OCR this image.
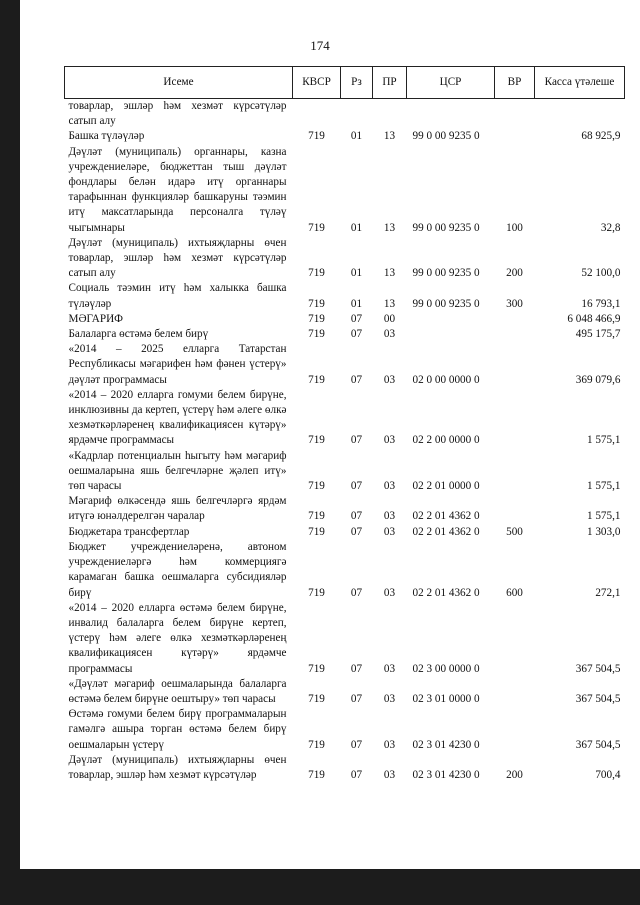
174
Исеме	КВСР	Рз	ПР	ЦСР	ВР	Касса үтәлеше
товарлар, эшләр һәм хезмәт күрсәтүләр сатып алу						
Башка түләүләр	719	01	13	99 0 00 9235 0		68 925,9
Дәүләт (муниципаль) органнары, казна учреждениеләре, бюджеттан тыш дәүләт фондлары белән идарә итү органнары тарафыннан функцияләр башкаруны тәэмин итү максатларында персоналга түләү чыгымнары	719	01	13	99 0 00 9235 0	100	32,8
Дәүләт (муниципаль) ихтыяҗларны өчен товарлар, эшләр һәм хезмәт күрсәтүләр сатып алу	719	01	13	99 0 00 9235 0	200	52 100,0
Социаль тәэмин итү һәм халыкка башка түләүләр	719	01	13	99 0 00 9235 0	300	16 793,1
МӘГАРИФ	719	07	00			6 048 466,9
Балаларга өстәмә белем бирү	719	07	03			495 175,7
«2014 – 2025 елларга Татарстан Республикасы мәгарифен һәм фәнен үстерү» дәүләт программасы	719	07	03	02 0 00 0000 0		369 079,6
«2014 – 2020 елларга гомуми белем бирүне, инклюзивны да кертеп, үстерү һәм әлеге өлкә хезмәткәрләренең квалификациясен күтәрү» ярдәмче программасы	719	07	03	02 2 00 0000 0		1 575,1
«Кадрлар потенциалын һыгыту һәм мәгариф оешмаларына яшь белгечләрне җәлеп итү» төп чарасы	719	07	03	02 2 01 0000 0		1 575,1
Мәгариф өлкәсендә яшь белгечләргә ярдәм итүгә юнәлдерелгән чаралар	719	07	03	02 2 01 4362 0		1 575,1
Бюджетара трансфертлар	719	07	03	02 2 01 4362 0	500	1 303,0
Бюджет учреждениеләренә, автоном учреждениеләргә һәм коммерциягә карамаган башка оешмаларга субсидияләр бирү	719	07	03	02 2 01 4362 0	600	272,1
«2014 – 2020 елларга өстәмә белем бирүне, инвалид балаларга белем бирүне кертеп, үстерү һәм әлеге өлкә хезмәткәрләренең квалификациясен күтәрү» ярдәмче программасы	719	07	03	02 3 00 0000 0		367 504,5
«Дәүләт мәгариф оешмаларында балаларга өстәмә белем бирүне оештыру» төп чарасы	719	07	03	02 3 01 0000 0		367 504,5
Өстәмә гомуми белем бирү программаларын гамәлгә ашыра торган өстәмә белем бирү оешмаларын үстерү	719	07	03	02 3 01 4230 0		367 504,5
Дәүләт (муниципаль) ихтыяҗларны өчен товарлар, эшләр һәм хезмәт күрсәтүләр	719	07	03	02 3 01 4230 0	200	700,4
